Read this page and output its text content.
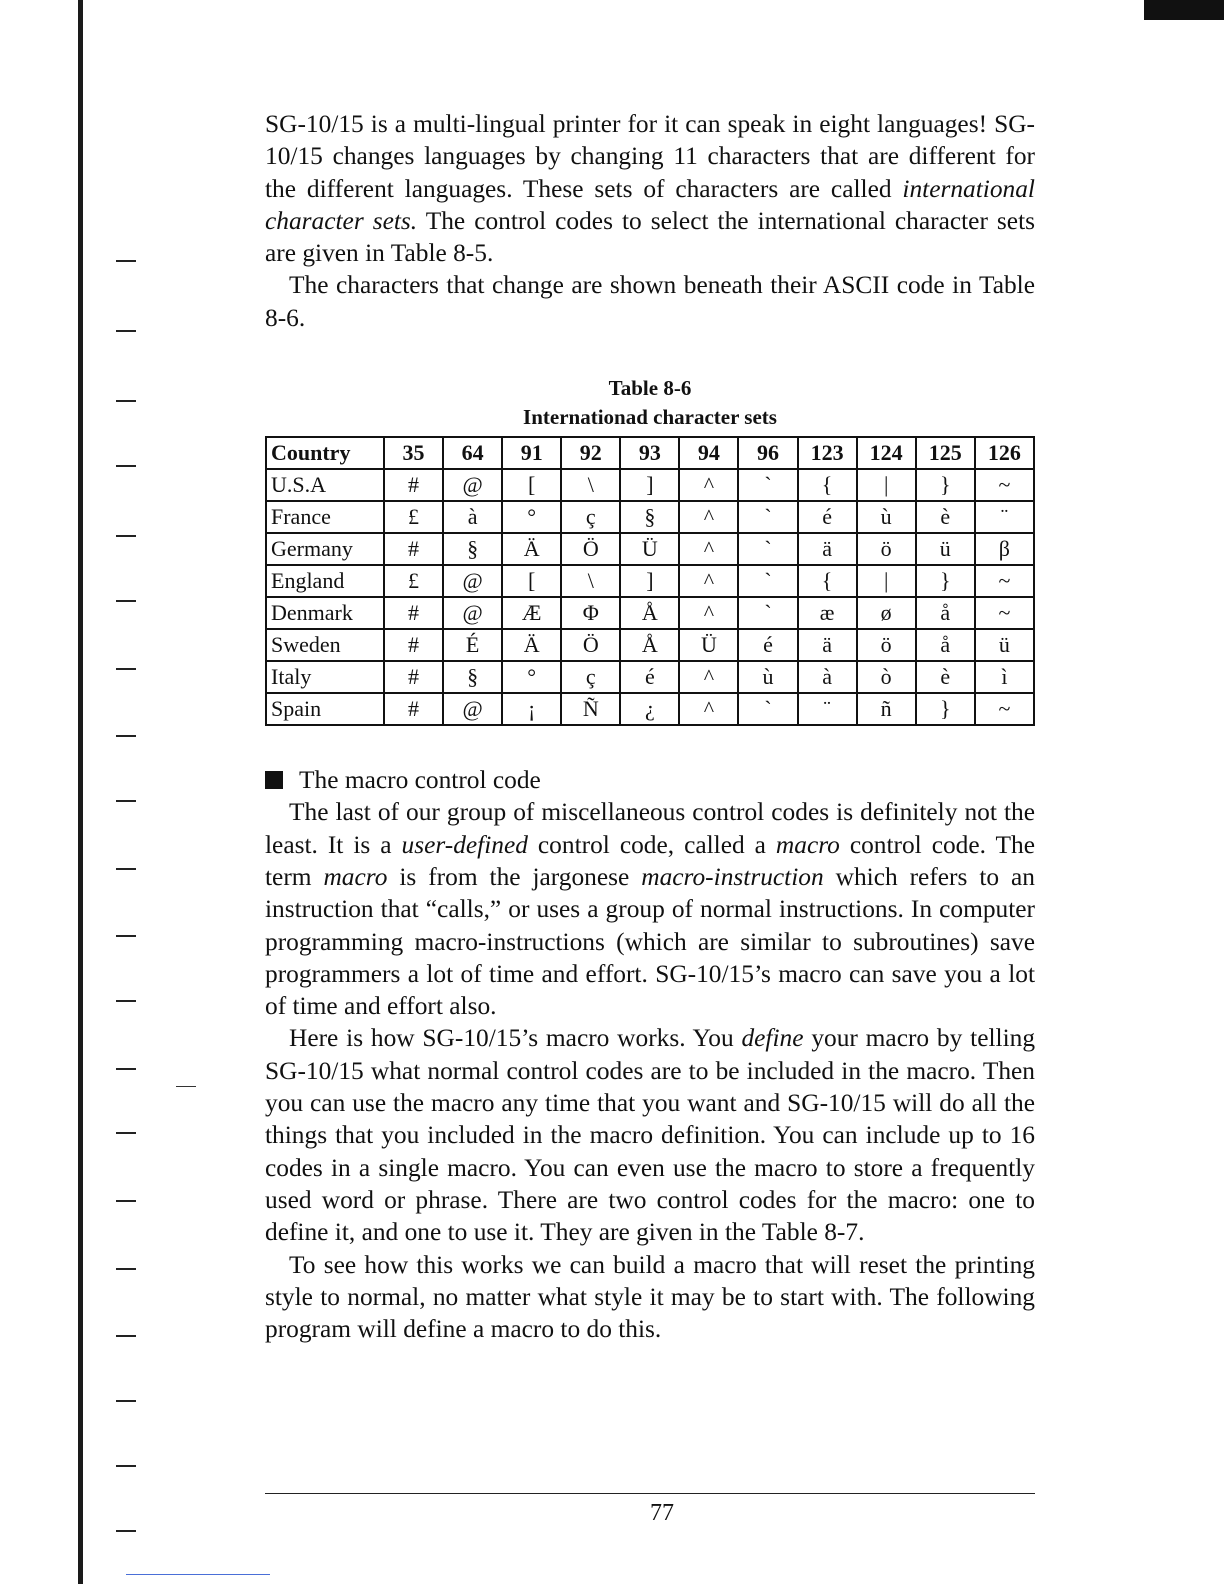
SG-10/15 is a multi-lingual printer for it can speak in eight languages! SG-10/15 changes languages by changing 11 characters that are different for the different languages. These sets of characters are called international character sets. The control codes to select the international character sets are given in Table 8-5.

The characters that change are shown beneath their ASCII code in Table 8-6.

Table 8-6
Internationad character sets
Country	35	64	91	92	93	94	96	123	124	125	126
U.S.A	#	@	[	\	]	^	`	{	|	}	~
France	£	à	°	ç	§	^	`	é	ù	è	¨
Germany	#	§	Ä	Ö	Ü	^	`	ä	ö	ü	β
England	£	@	[	\	]	^	`	{	|	}	~
Denmark	#	@	Æ	Φ	Å	^	`	æ	ø	å	~
Sweden	#	É	Ä	Ö	Å	Ü	é	ä	ö	å	ü
Italy	#	§	°	ç	é	^	ù	à	ò	è	ì
Spain	#	@	¡	Ñ	¿	^	`	¨	ñ	}	~
The macro control code

The last of our group of miscellaneous control codes is definitely not the least. It is a user-defined control code, called a macro control code. The term macro is from the jargonese macro-instruction which refers to an instruction that “calls,” or uses a group of normal instructions. In computer programming macro-instructions (which are similar to subroutines) save programmers a lot of time and effort. SG-10/15’s macro can save you a lot of time and effort also.

Here is how SG-10/15’s macro works. You define your macro by telling SG-10/15 what normal control codes are to be included in the macro. Then you can use the macro any time that you want and SG-10/15 will do all the things that you included in the macro definition. You can include up to 16 codes in a single macro. You can even use the macro to store a frequently used word or phrase. There are two control codes for the macro: one to define it, and one to use it. They are given in the Table 8-7.

To see how this works we can build a macro that will reset the printing style to normal, no matter what style it may be to start with. The following program will define a macro to do this.

77
